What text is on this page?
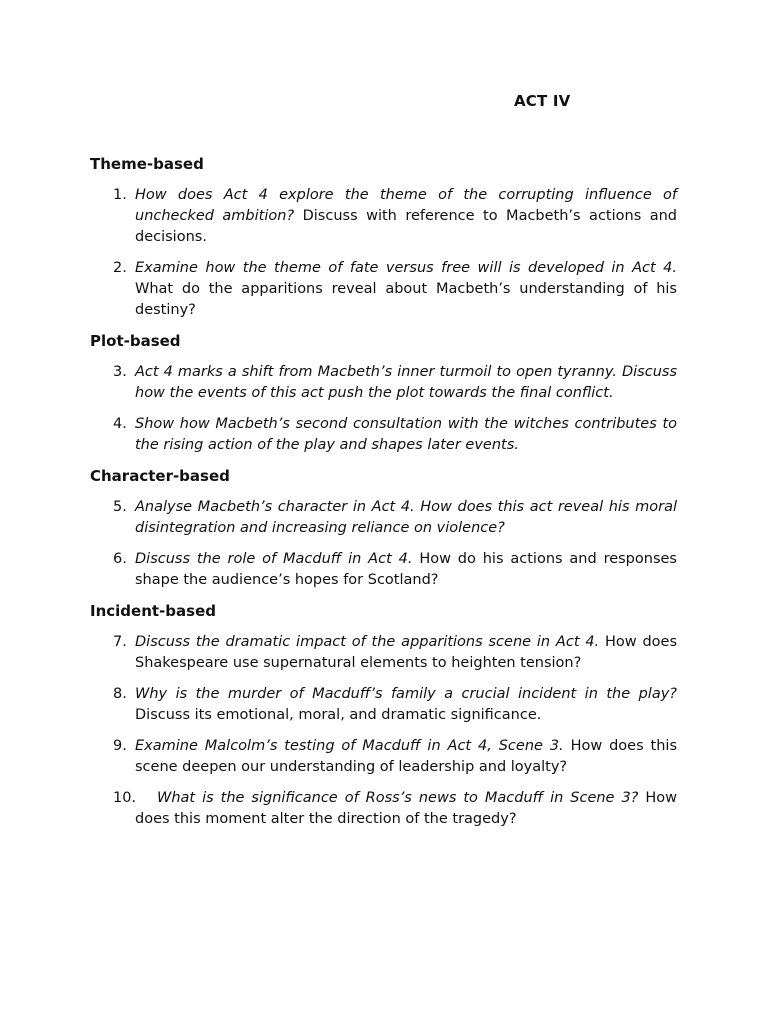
ACT IV
Theme-based
1. How does Act 4 explore the theme of the corrupting influence of unchecked ambition? Discuss with reference to Macbeth’s actions and decisions.
2. Examine how the theme of fate versus free will is developed in Act 4. What do the apparitions reveal about Macbeth’s understanding of his destiny?
Plot-based
3. Act 4 marks a shift from Macbeth’s inner turmoil to open tyranny. Discuss how the events of this act push the plot towards the final conflict.
4. Show how Macbeth’s second consultation with the witches contributes to the rising action of the play and shapes later events.
Character-based
5. Analyse Macbeth’s character in Act 4. How does this act reveal his moral disintegration and increasing reliance on violence?
6. Discuss the role of Macduff in Act 4. How do his actions and responses shape the audience’s hopes for Scotland?
Incident-based
7. Discuss the dramatic impact of the apparitions scene in Act 4. How does Shakespeare use supernatural elements to heighten tension?
8. Why is the murder of Macduff’s family a crucial incident in the play? Discuss its emotional, moral, and dramatic significance.
9. Examine Malcolm’s testing of Macduff in Act 4, Scene 3. How does this scene deepen our understanding of leadership and loyalty?
10.	What is the significance of Ross’s news to Macduff in Scene 3? How does this moment alter the direction of the tragedy?
